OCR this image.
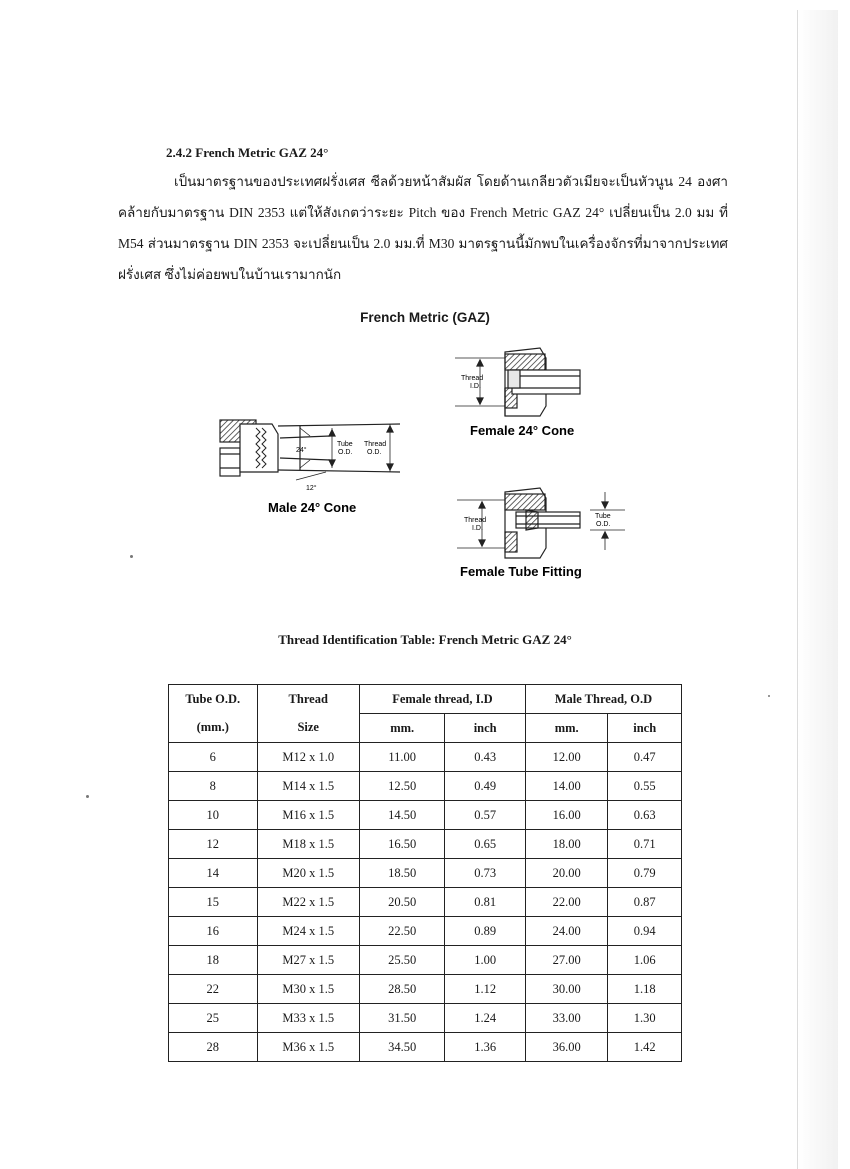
2.4.2 French Metric GAZ 24°
เป็นมาตรฐานของประเทศฝรั่งเศส ซีลด้วยหน้าสัมผัส โดยด้านเกลียวตัวเมียจะเป็นหัวนูน 24 องศา คล้ายกับมาตรฐาน DIN 2353 แต่ให้สังเกตว่าระยะ Pitch ของ French Metric GAZ 24° เปลี่ยนเป็น 2.0 มม ที่ M54 ส่วนมาตรฐาน DIN 2353 จะเปลี่ยนเป็น 2.0 มม.ที่ M30 มาตรฐานนี้มักพบในเครื่องจักรที่มาจากประเทศฝรั่งเศส ซึ่งไม่ค่อยพบในบ้านเรามากนัก
French Metric (GAZ)
24°
12°
Tube
O.D.
Thread
O.D.
Male 24° Cone
Thread
I.D.
Female 24° Cone
Thread
I.D.
Tube
O.D.
Female Tube Fitting
Thread Identification Table: French Metric GAZ 24°
Tube O.D.	Thread	Female thread, I.D		Male Thread, O.D	
(mm.)	Size	mm.	inch	mm.	inch
6	M12 x 1.0	11.00	0.43	12.00	0.47
8	M14 x 1.5	12.50	0.49	14.00	0.55
10	M16 x 1.5	14.50	0.57	16.00	0.63
12	M18 x 1.5	16.50	0.65	18.00	0.71
14	M20 x 1.5	18.50	0.73	20.00	0.79
15	M22 x 1.5	20.50	0.81	22.00	0.87
16	M24 x 1.5	22.50	0.89	24.00	0.94
18	M27 x 1.5	25.50	1.00	27.00	1.06
22	M30 x 1.5	28.50	1.12	30.00	1.18
25	M33 x 1.5	31.50	1.24	33.00	1.30
28	M36 x 1.5	34.50	1.36	36.00	1.42
